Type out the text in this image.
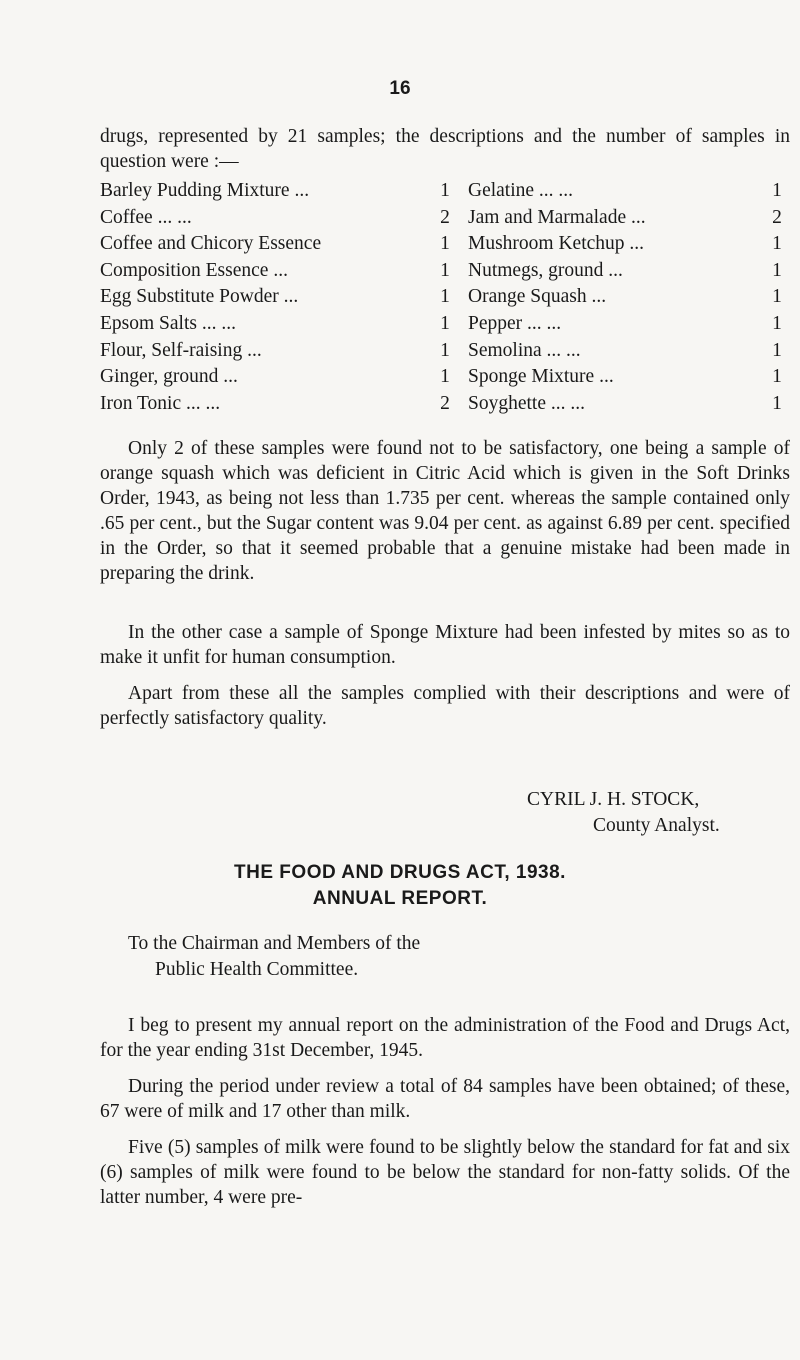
16
drugs, represented by 21 samples; the descriptions and the number of samples in question were :—
Barley Pudding Mixture ...	1 Gelatine ... ...	1
Coffee ... ...	2 Jam and Marmalade ...	2
Coffee and Chicory Essence	1 Mushroom Ketchup ...	1
Composition Essence ...	1 Nutmegs, ground ...	1
Egg Substitute Powder ...	1 Orange Squash ...	1
Epsom Salts ... ...	1 Pepper ... ...	1
Flour, Self-raising ...	1 Semolina ... ...	1
Ginger, ground ...	1 Sponge Mixture ...	1
Iron Tonic ... ...	2 Soyghette ... ...	1
Only 2 of these samples were found not to be satisfactory, one being a sample of orange squash which was deficient in Citric Acid which is given in the Soft Drinks Order, 1943, as being not less than 1.735 per cent. whereas the sample contained only .65 per cent., but the Sugar content was 9.04 per cent. as against 6.89 per cent. specified in the Order, so that it seemed probable that a genuine mistake had been made in preparing the drink.
In the other case a sample of Sponge Mixture had been infested by mites so as to make it unfit for human consumption.
Apart from these all the samples complied with their descriptions and were of perfectly satisfactory quality.
CYRIL J. H. STOCK,
County Analyst.
THE FOOD AND DRUGS ACT, 1938.
ANNUAL REPORT.
To the Chairman and Members of the
Public Health Committee.
I beg to present my annual report on the administration of the Food and Drugs Act, for the year ending 31st December, 1945.
During the period under review a total of 84 samples have been obtained; of these, 67 were of milk and 17 other than milk.
Five (5) samples of milk were found to be slightly below the standard for fat and six (6) samples of milk were found to be below the standard for non-fatty solids. Of the latter number, 4 were pre-
